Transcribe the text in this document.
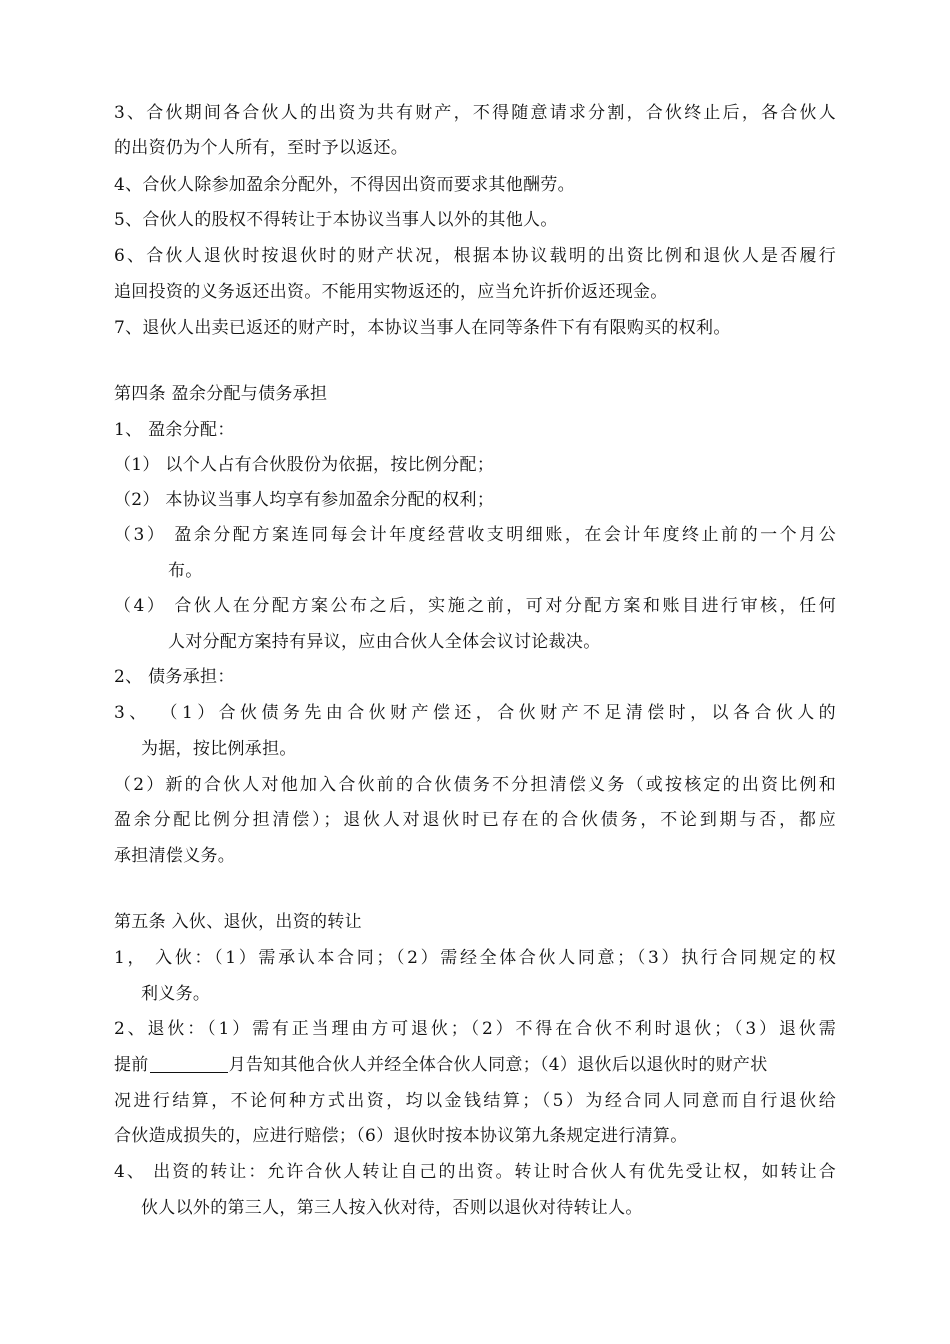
3、合伙期间各合伙人的出资为共有财产，不得随意请求分割，合伙终止后，各合伙人
的出资仍为个人所有，至时予以返还。
4、合伙人除参加盈余分配外，不得因出资而要求其他酬劳。
5、合伙人的股权不得转让于本协议当事人以外的其他人。
6、合伙人退伙时按退伙时的财产状况，根据本协议载明的出资比例和退伙人是否履行
追回投资的义务返还出资。不能用实物返还的，应当允许折价返还现金。
7、退伙人出卖已返还的财产时，本协议当事人在同等条件下有有限购买的权利。
第四条 盈余分配与债务承担
1、 盈余分配：
（1） 以个人占有合伙股份为依据，按比例分配；
（2） 本协议当事人均享有参加盈余分配的权利；
（3） 盈余分配方案连同每会计年度经营收支明细账，在会计年度终止前的一个月公
布。
（4） 合伙人在分配方案公布之后，实施之前，可对分配方案和账目进行审核，任何
人对分配方案持有异议，应由合伙人全体会议讨论裁决。
2、 债务承担：
3、 （1）合伙债务先由合伙财产偿还，合伙财产不足清偿时，以各合伙人的
为据，按比例承担。
（2）新的合伙人对他加入合伙前的合伙债务不分担清偿义务（或按核定的出资比例和
盈余分配比例分担清偿）；退伙人对退伙时已存在的合伙债务，不论到期与否，都应
承担清偿义务。
第五条 入伙、退伙，出资的转让
1， 入伙：（1）需承认本合同；（2）需经全体合伙人同意；（3）执行合同规定的权
利义务。
2、退伙：（1）需有正当理由方可退伙；（2）不得在合伙不利时退伙；（3）退伙需
提前	月告知其他合伙人并经全体合伙人同意；（4）退伙后以退伙时的财产状
况进行结算，不论何种方式出资，均以金钱结算；（5）为经合同人同意而自行退伙给
合伙造成损失的，应进行赔偿；（6）退伙时按本协议第九条规定进行清算。
4、 出资的转让：允许合伙人转让自己的出资。转让时合伙人有优先受让权，如转让合
伙人以外的第三人，第三人按入伙对待，否则以退伙对待转让人。
